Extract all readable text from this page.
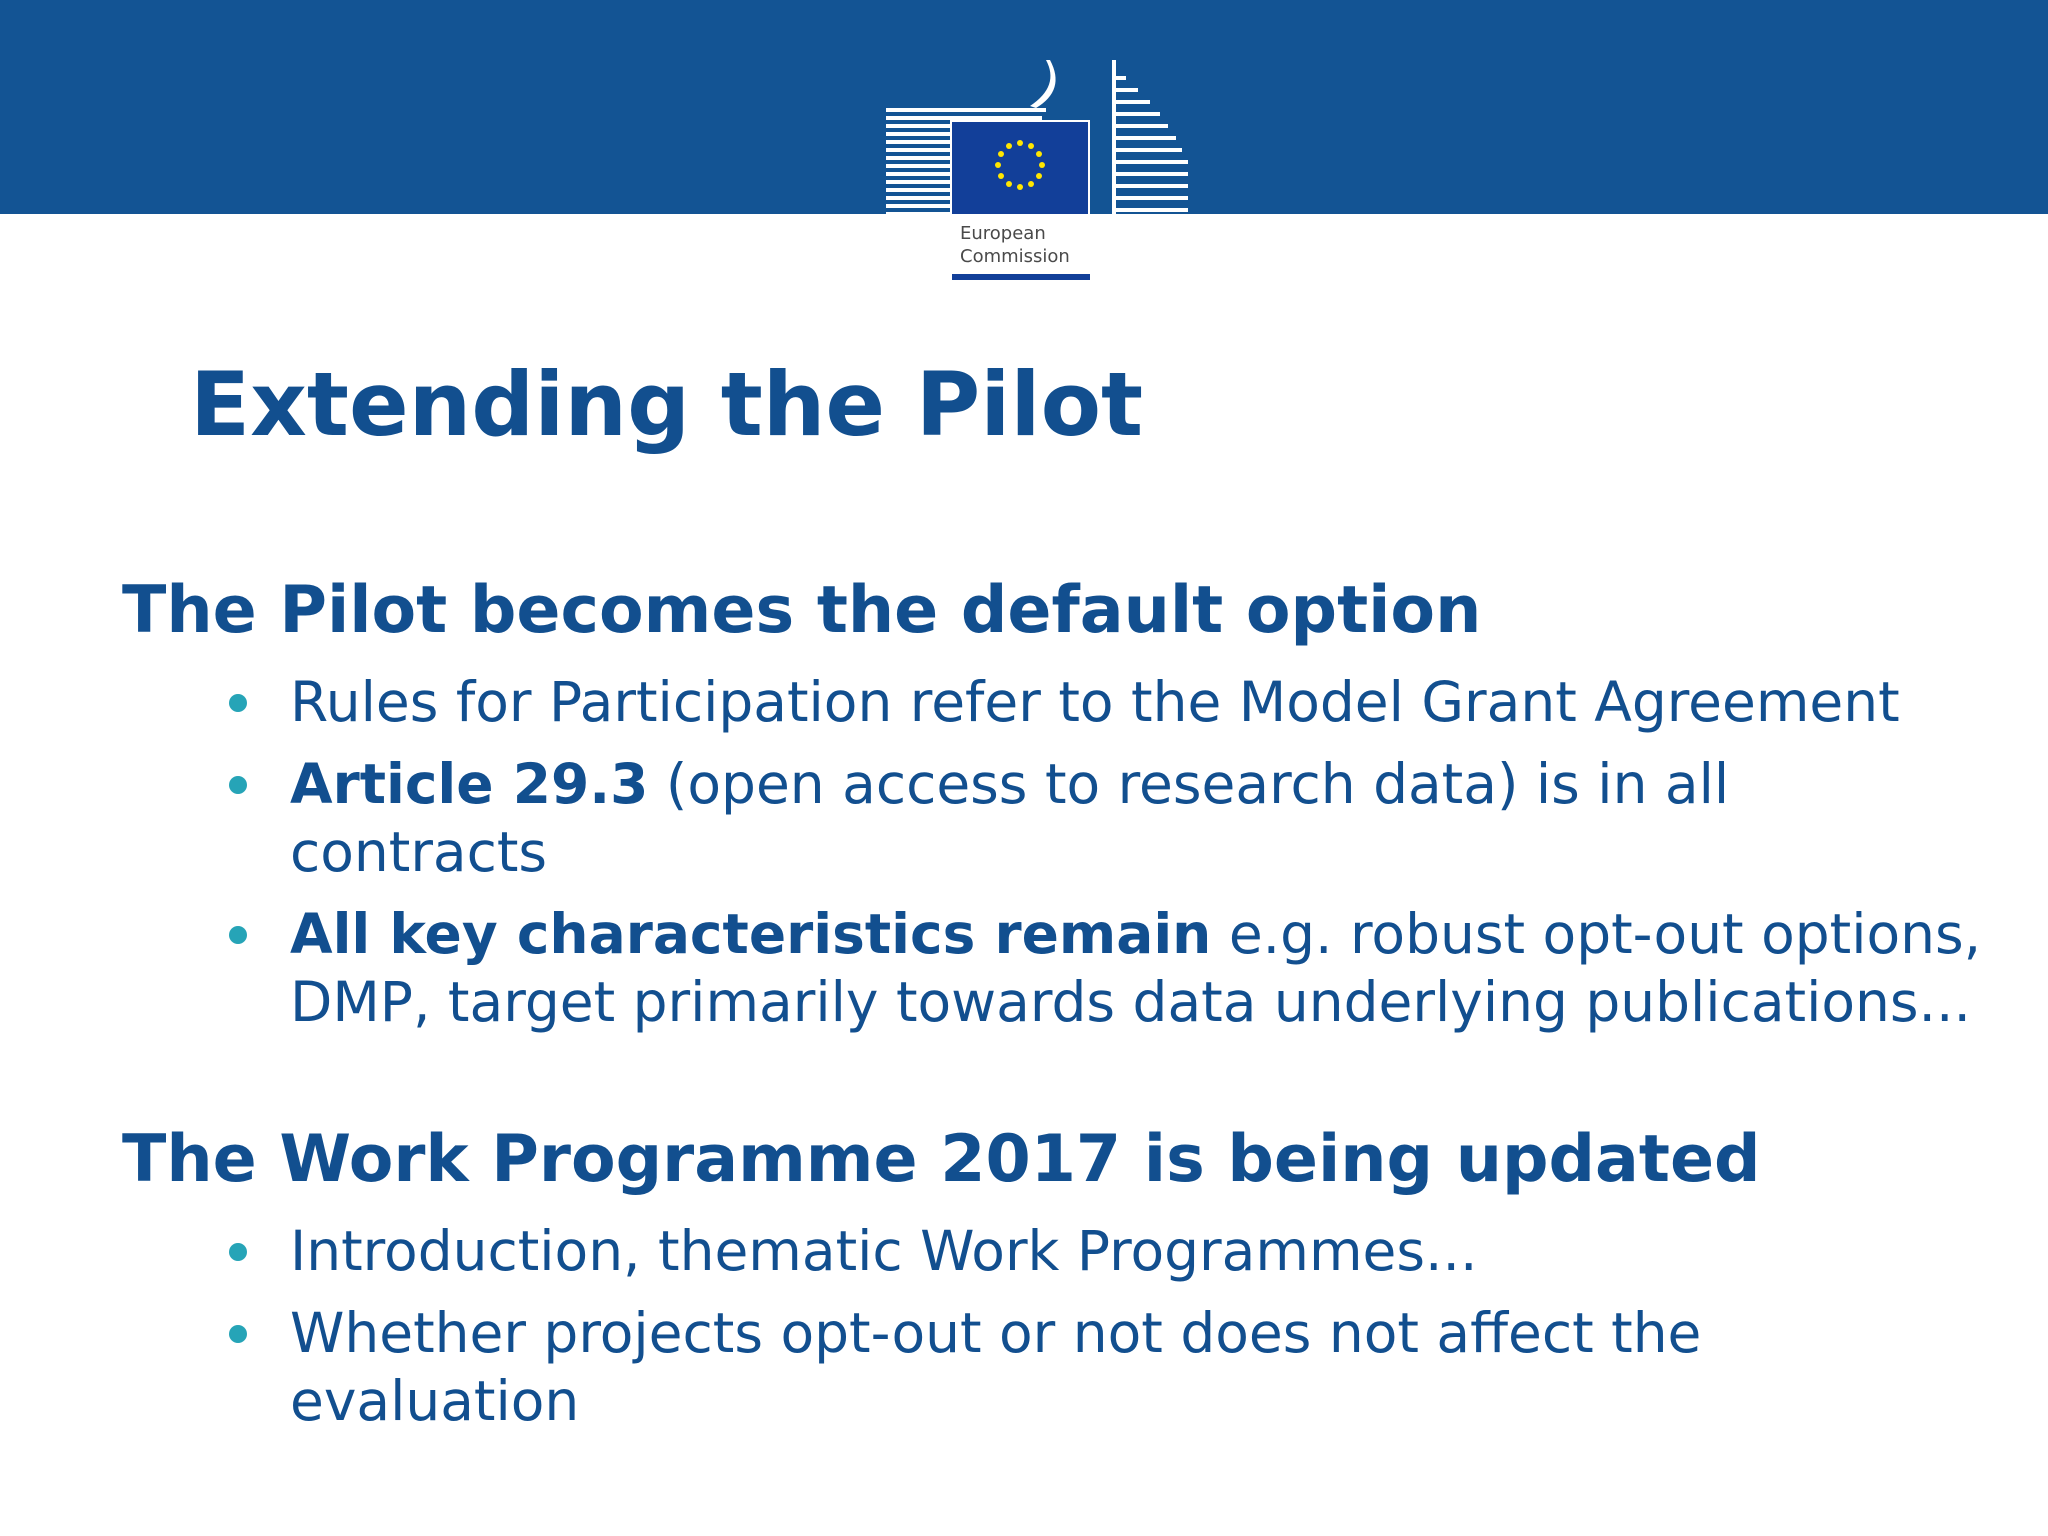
European
Commission
Extending the Pilot
The Pilot becomes the default option
Rules for Participation refer to the Model Grant Agreement
Article 29.3 (open access to research data) is in all contracts
All key characteristics remain e.g. robust opt-out options, DMP, target primarily towards data underlying publications...
The Work Programme 2017 is being updated
Introduction, thematic Work Programmes...
Whether projects opt-out or not does not affect the evaluation
